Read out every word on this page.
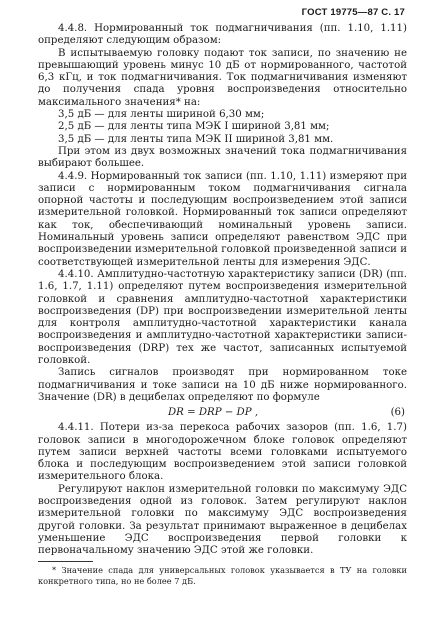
ГОСТ 19775—87 С. 17

4.4.8. Нормированный ток подмагничивания (пп. 1.10, 1.11) определяют следующим образом:

В испытываемую головку подают ток записи, по значению не превышающий уровень минус 10 дБ от нормированного, частотой 6,3 кГц, и ток подмагничивания. Ток подмагничивания изменяют до получения спада уровня воспроизведения относительно максимального значения* на:

3,5 дБ — для ленты шириной 6,30 мм;

2,5 дБ — для ленты типа МЭК I шириной 3,81 мм;

3,5 дБ — для ленты типа МЭК II шириной 3,81 мм.

При этом из двух возможных значений тока подмагничивания выбирают большее.

4.4.9. Нормированный ток записи (пп. 1.10, 1.11) измеряют при записи с нормированным током подмагничивания сигнала опорной частоты и последующим воспроизведением этой записи измерительной головкой. Нормированный ток записи определяют как ток, обеспечивающий номинальный уровень записи. Номинальный уровень записи определяют равенством ЭДС при воспроизведении измерительной головкой произведенной записи и соответствующей измерительной ленты для измерения ЭДС.

4.4.10. Амплитудно-частотную характеристику записи (DR) (пп. 1.6, 1.7, 1.11) определяют путем воспроизведения измерительной головкой и сравнения амплитудно-частотной характеристики воспроизведения (DP) при воспроизведении измерительной ленты для контроля амплитудно-частотной характеристики канала воспроизведения и амплитудно-частотной характеристики записи-воспроизведения (DRP) тех же частот, записанных испытуемой головкой.

Запись сигналов производят при нормированном токе подмагничивания и токе записи на 10 дБ ниже нормированного. Значение (DR) в децибелах определяют по формуле

DR = DRP − DP ,	(6)

4.4.11. Потери из-за перекоса рабочих зазоров (пп. 1.6, 1.7) головок записи в многодорожечном блоке головок определяют путем записи верхней частоты всеми головками испытуемого блока и последующим воспроизведением этой записи головкой измерительного блока.

Регулируют наклон измерительной головки по максимуму ЭДС воспроизведения одной из головок. Затем регулируют наклон измерительной головки по максимуму ЭДС воспроизведения другой головки. За результат принимают выраженное в децибелах уменьшение ЭДС воспроизведения первой головки к первоначальному значению ЭДС этой же головки.

* Значение спада для универсальных головок указывается в ТУ на головки конкретного типа, но не более 7 дБ.
